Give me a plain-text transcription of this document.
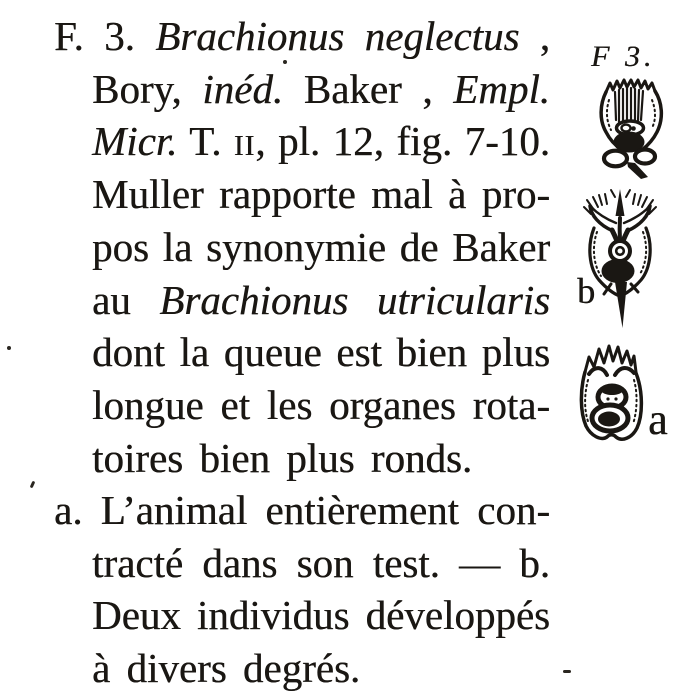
F. 3. Brachionus neglectus ,
Bory, inéd. Baker , Empl.
Micr. T. ii, pl. 12, fig. 7-10.
Muller rapporte mal à pro-
pos la synonymie de Baker
au Brachionus utricularis
dont la queue est bien plus
longue et les organes rota-
toires bien plus ronds.
a. L’animal entièrement con-
tracté dans son test. — b.
Deux individus développés
à divers degrés.
F 3.
b
a
